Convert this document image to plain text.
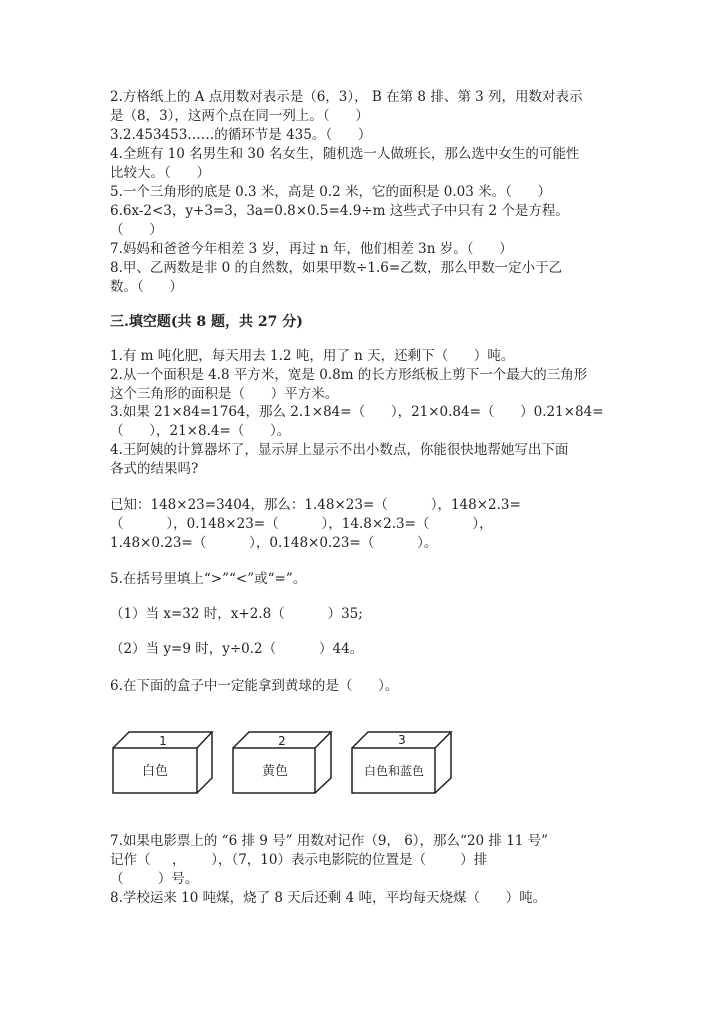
2.方格纸上的 A 点用数对表示是（6，3）， B 在第 8 排、第 3 列，用数对表示
是（8，3），这两个点在同一列上。（      ）
3.2.453453……的循环节是 435。（      ）
4.全班有 10 名男生和 30 名女生，随机选一人做班长，那么选中女生的可能性
比较大。（      ）
5.一个三角形的底是 0.3 米，高是 0.2 米，它的面积是 0.03 米。（      ）
6.6x-2<3，y+3=3，3a=0.8×0.5=4.9÷m 这些式子中只有 2 个是方程。
（      ）
7.妈妈和爸爸今年相差 3 岁，再过 n 年，他们相差 3n 岁。（      ）
8.甲、乙两数是非 0 的自然数，如果甲数÷1.6=乙数，那么甲数一定小于乙
数。（      ）
三.填空题(共 8 题，共 27 分)
1.有 m 吨化肥，每天用去 1.2 吨，用了 n 天，还剩下（      ）吨。
2.从一个面积是 4.8 平方米，宽是 0.8m 的长方形纸板上剪下一个最大的三角形
这个三角形的面积是（      ）平方米。
3.如果 21×84=1764，那么 2.1×84=（      ），21×0.84=（      ）0.21×84=
（      ），21×8.4=（      ）。
4.王阿姨的计算器坏了，显示屏上显示不出小数点，你能很快地帮她写出下面
各式的结果吗?
已知：148×23=3404，那么：1.48×23=（          ），148×2.3=
（          ），0.148×23=（          ），14.8×2.3=（          ），
1.48×0.23=（          ），0.148×0.23=（          ）。
5.在括号里填上“>”“<”或“=”。
（1）当 x=32 时，x+2.8（          ）35;
（2）当 y=9 时，y÷0.2（          ）44。
6.在下面的盒子中一定能拿到黄球的是（      ）。
1	2	3
白色	黄色	白色和蓝色
7.如果电影票上的 “6 排 9 号” 用数对记作（9， 6），那么“20 排 11 号”
记作（     ，      ），（7，10）表示电影院的位置是（        ）排
（        ）号。
8.学校运来 10 吨煤，烧了 8 天后还剩 4 吨，平均每天烧煤（      ）吨。
